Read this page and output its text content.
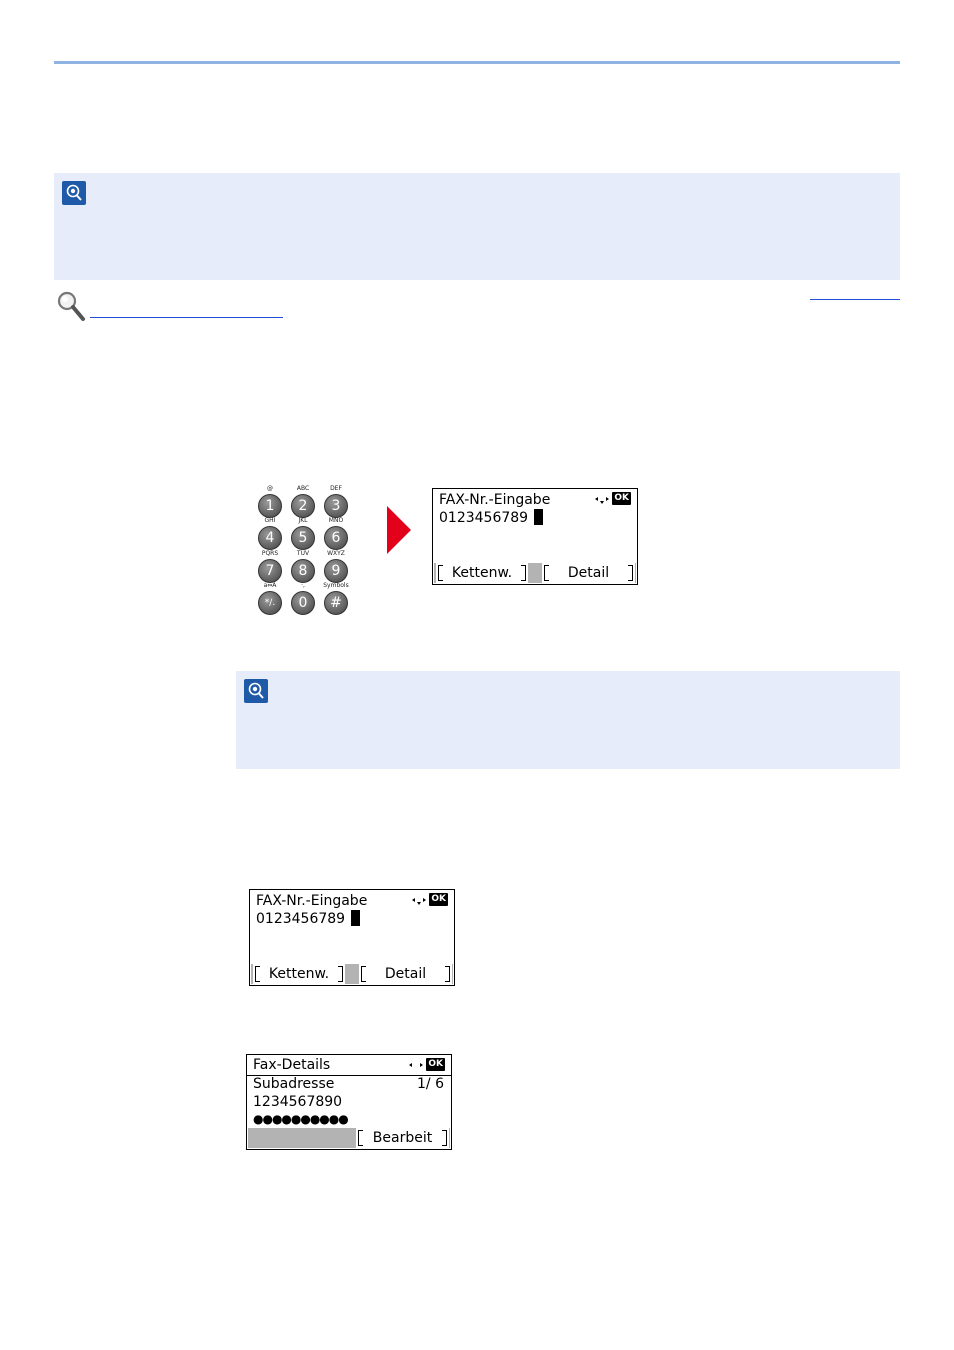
@
1
ABC
2
DEF
3
GHI
4
JKL
5
MNO
6
PQRS
7
TUV
8
WXYZ
9
a⇔A
*/.
·,
0
Symbols
#
FAX-Nr.-Eingabe	OK
0123456789
Kettenw.	Detail
FAX-Nr.-Eingabe	OK
0123456789
Kettenw.	Detail
Fax-Details	OK
Subadresse	1/ 6
1234567890
●●●●●●●●●●
Bearbeit
